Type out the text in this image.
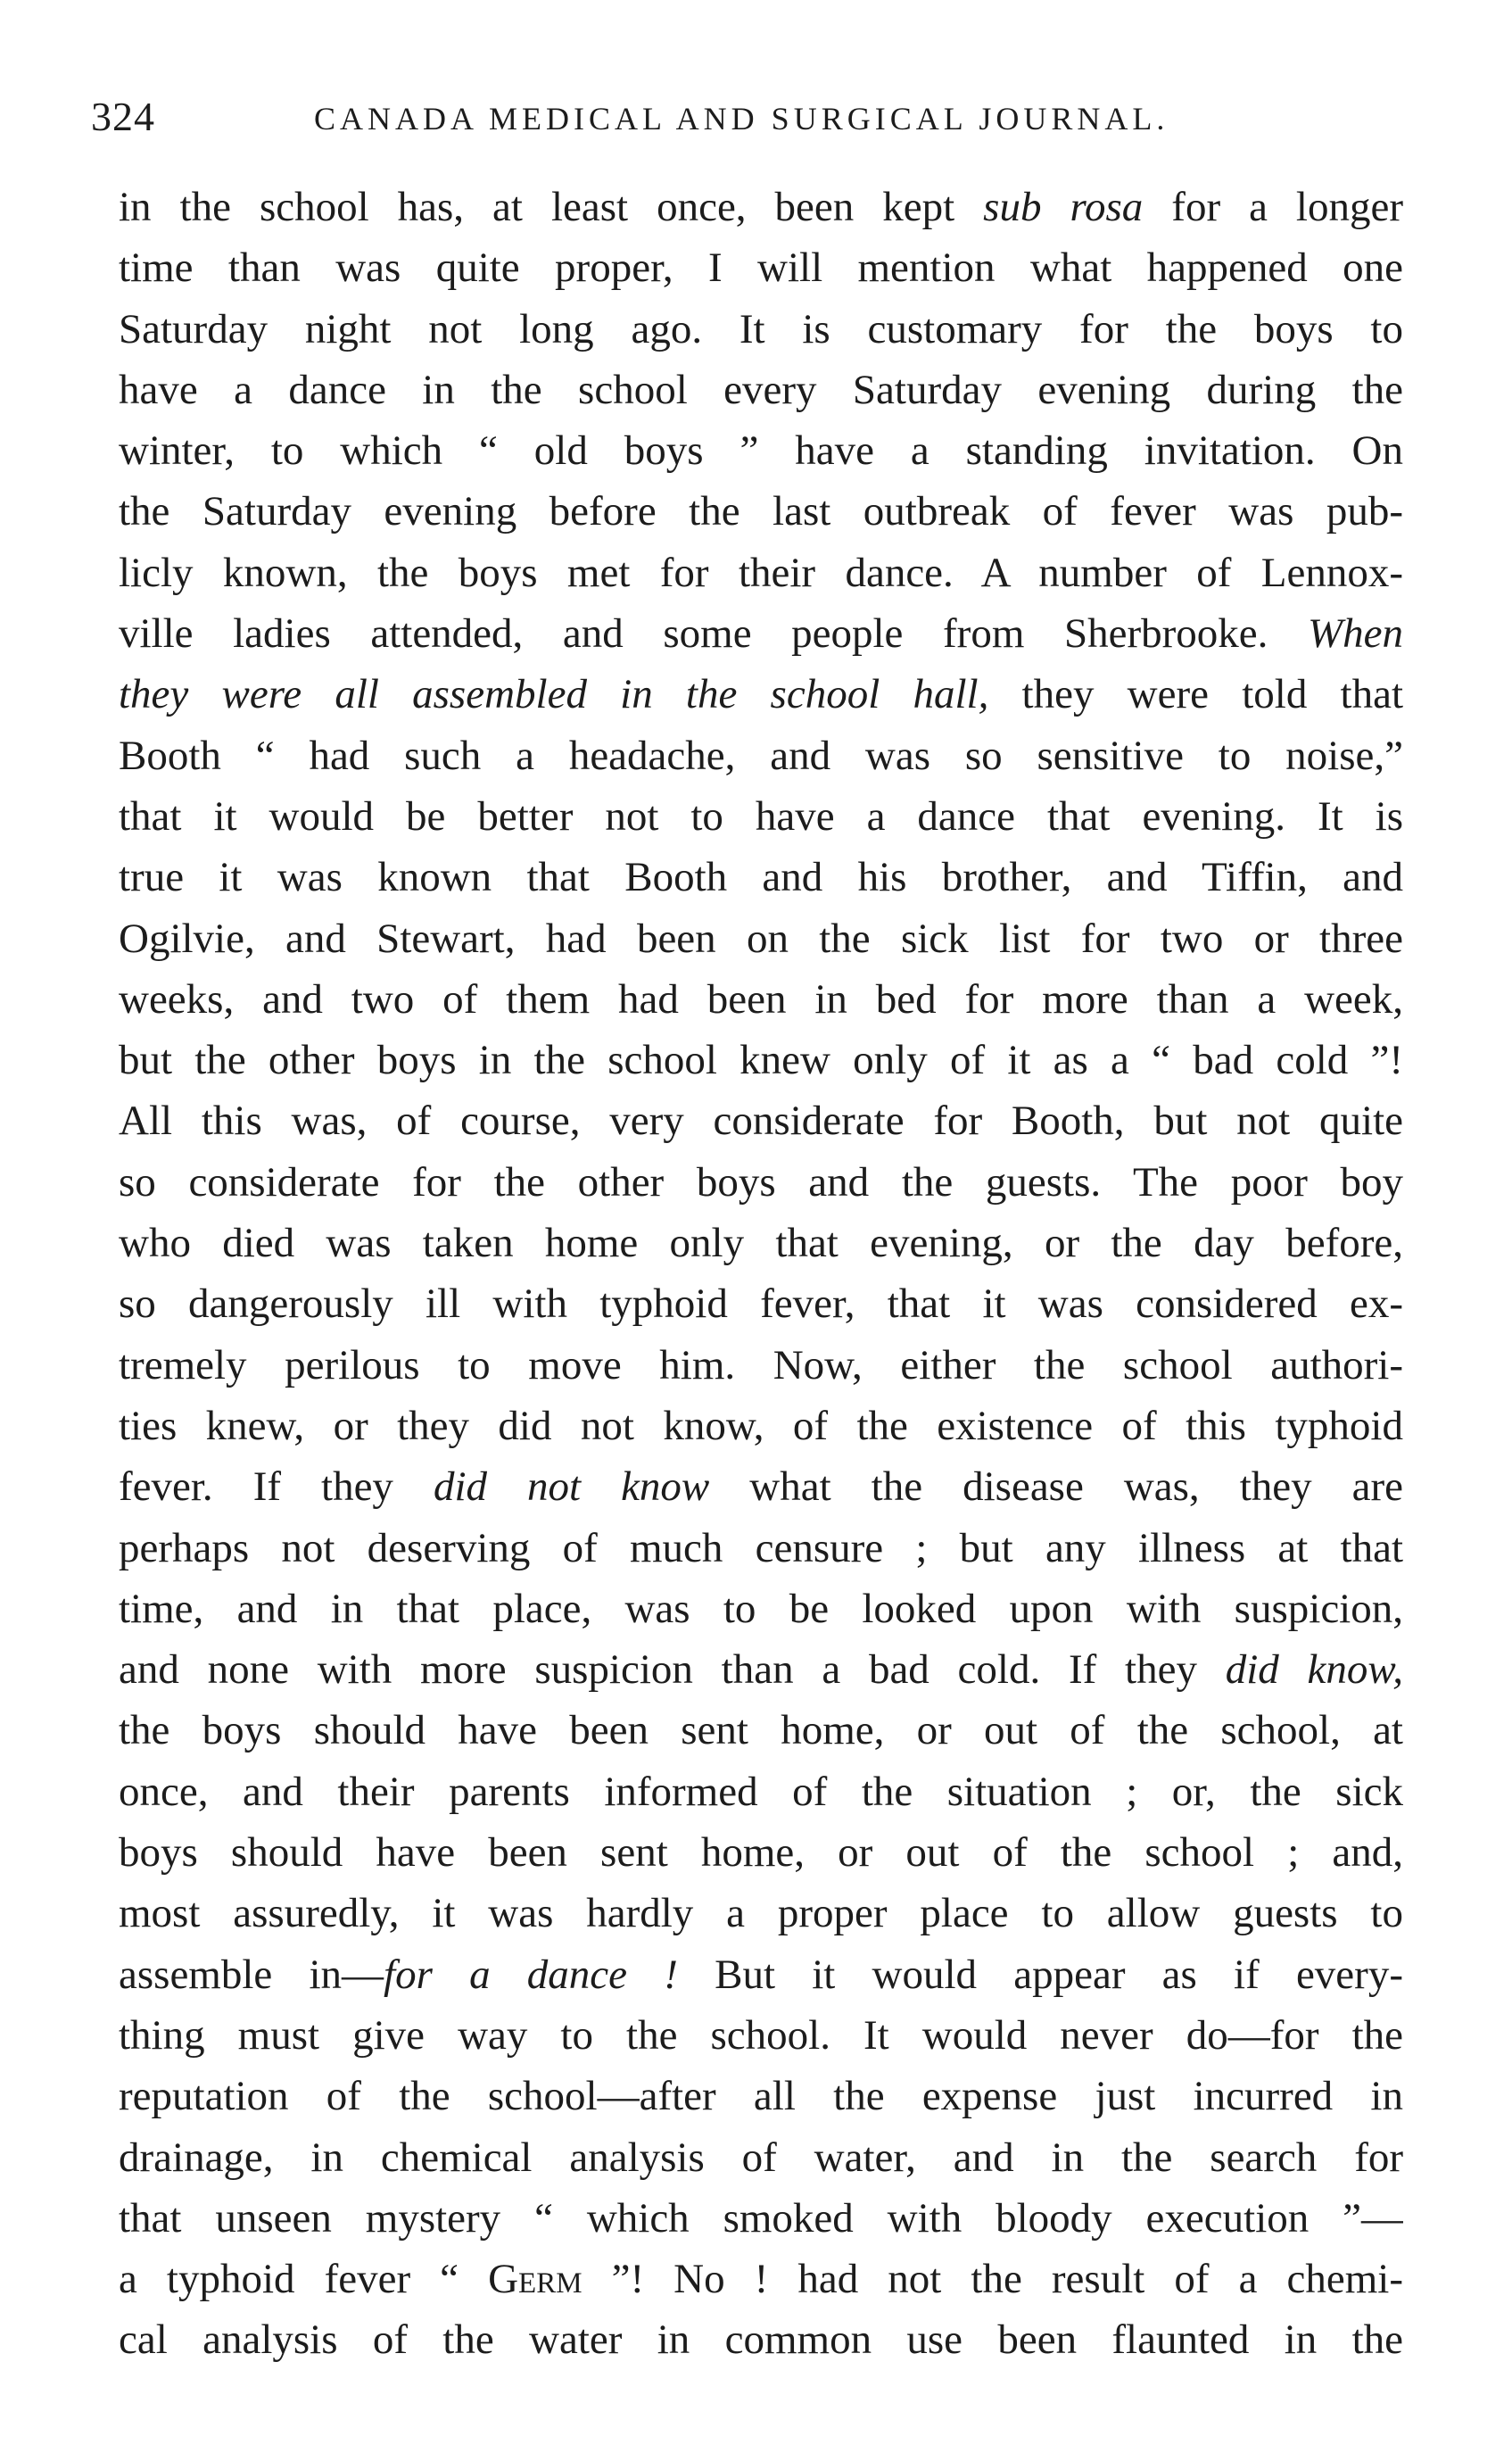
324	CANADA MEDICAL AND SURGICAL JOURNAL.
in the school has, at least once, been kept sub rosa for a longer
time than was quite proper, I will mention what happened one
Saturday night not long ago. It is customary for the boys to
have a dance in the school every Saturday evening during the
winter, to which “ old boys ” have a standing invitation. On
the Saturday evening before the last outbreak of fever was pub-
licly known, the boys met for their dance. A number of Lennox-
ville ladies attended, and some people from Sherbrooke. When
they were all assembled in the school hall, they were told that
Booth “ had such a headache, and was so sensitive to noise,”
that it would be better not to have a dance that evening. It is
true it was known that Booth and his brother, and Tiffin, and
Ogilvie, and Stewart, had been on the sick list for two or three
weeks, and two of them had been in bed for more than a week,
but the other boys in the school knew only of it as a “ bad cold ”!
All this was, of course, very considerate for Booth, but not quite
so considerate for the other boys and the guests. The poor boy
who died was taken home only that evening, or the day before,
so dangerously ill with typhoid fever, that it was considered ex-
tremely perilous to move him. Now, either the school authori-
ties knew, or they did not know, of the existence of this typhoid
fever. If they did not know what the disease was, they are
perhaps not deserving of much censure ; but any illness at that
time, and in that place, was to be looked upon with suspicion,
and none with more suspicion than a bad cold. If they did know,
the boys should have been sent home, or out of the school, at
once, and their parents informed of the situation ; or, the sick
boys should have been sent home, or out of the school ; and,
most assuredly, it was hardly a proper place to allow guests to
assemble in—for a dance ! But it would appear as if every-
thing must give way to the school. It would never do—for the
reputation of the school—after all the expense just incurred in
drainage, in chemical analysis of water, and in the search for
that unseen mystery “ which smoked with bloody execution ”—
a typhoid fever “ Germ ”! No ! had not the result of a chemi-
cal analysis of the water in common use been flaunted in the
